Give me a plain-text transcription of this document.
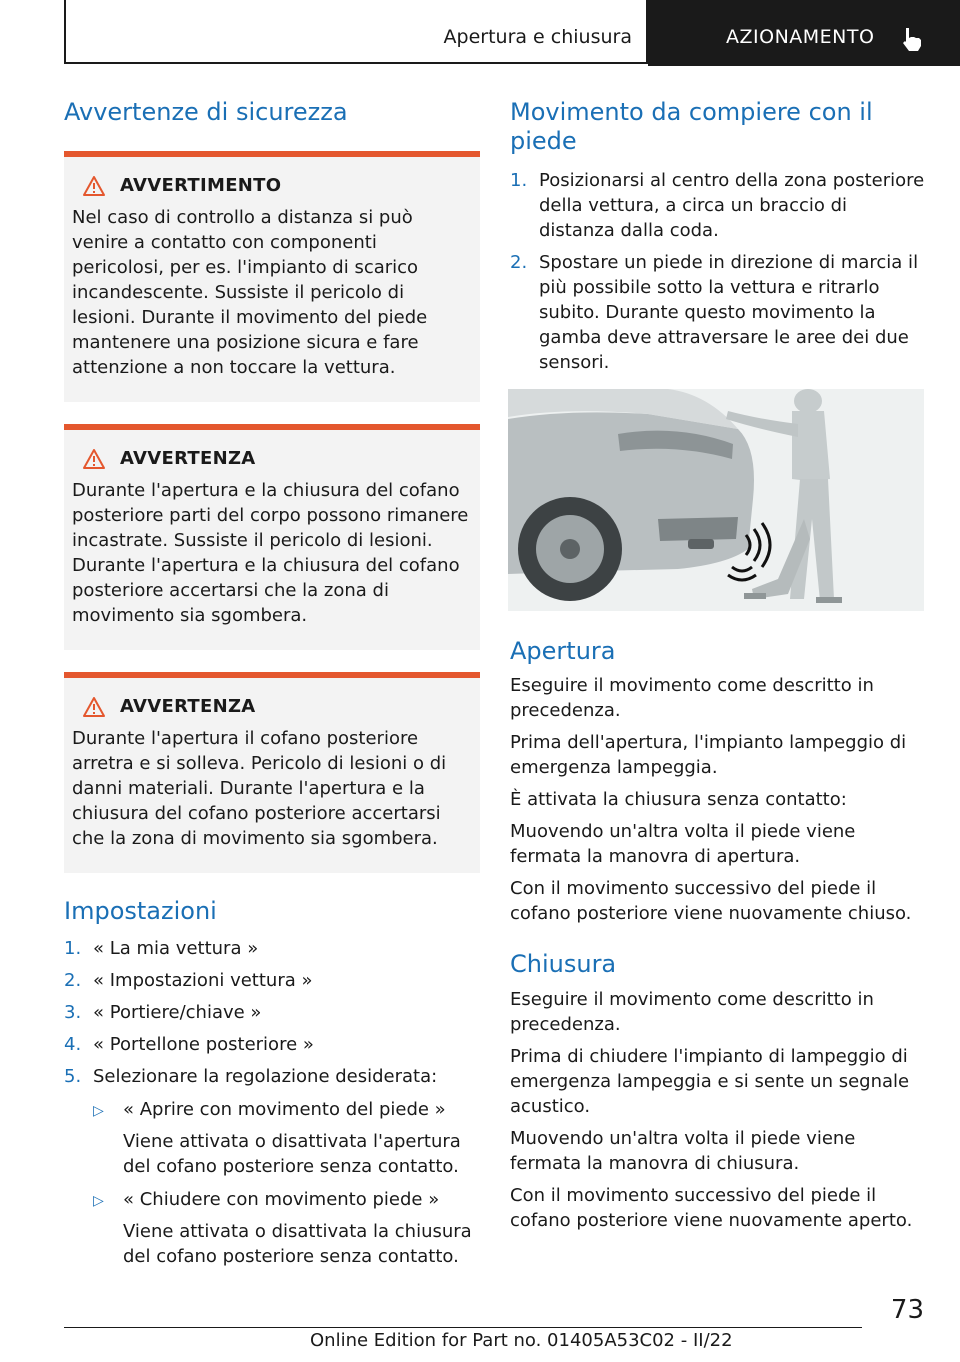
Apertura e chiusura	AZIONAMENTO
Avvertenze di sicurezza
AVVERTIMENTO
Nel caso di controllo a distanza si può venire a contatto con componenti pericolosi, per es. l'impianto di scarico incandescente. Sussiste il pericolo di lesioni. Durante il movimento del piede mantenere una posizione sicura e fare attenzione a non toccare la vettura.
AVVERTENZA
Durante l'apertura e la chiusura del cofano posteriore parti del corpo possono rimanere incastrate. Sussiste il pericolo di lesioni. Durante l'apertura e la chiusura del cofano posteriore accertarsi che la zona di movimento sia sgombera.
AVVERTENZA
Durante l'apertura il cofano posteriore arretra e si solleva. Pericolo di lesioni o di danni materiali. Durante l'apertura e la chiusura del cofano posteriore accertarsi che la zona di movimento sia sgombera.
Impostazioni
1. « La mia vettura »
2. « Impostazioni vettura »
3. « Portiere/chiave »
4. « Portellone posteriore »
5. Selezionare la regolazione desiderata:
▷	« Aprire con movimento del piede »
Viene attivata o disattivata l'apertura del cofano posteriore senza contatto.
▷	« Chiudere con movimento piede »
Viene attivata o disattivata la chiusura del cofano posteriore senza contatto.
Movimento da compiere con il piede
1. Posizionarsi al centro della zona posteriore della vettura, a circa un braccio di distanza dalla coda.
2. Spostare un piede in direzione di marcia il più possibile sotto la vettura e ritrarlo subito. Durante questo movimento la gamba deve attraversare le aree dei due sensori.
Apertura

Eseguire il movimento come descritto in precedenza.

Prima dell'apertura, l'impianto lampeggio di emergenza lampeggia.

È attivata la chiusura senza contatto:

Muovendo un'altra volta il piede viene fermata la manovra di apertura.

Con il movimento successivo del piede il cofano posteriore viene nuovamente chiuso.

Chiusura

Eseguire il movimento come descritto in precedenza.

Prima di chiudere l'impianto di lampeggio di emergenza lampeggia e si sente un segnale acustico.

Muovendo un'altra volta il piede viene fermata la manovra di chiusura.

Con il movimento successivo del piede il cofano posteriore viene nuovamente aperto.

73
Online Edition for Part no. 01405A53C02 - II/22
